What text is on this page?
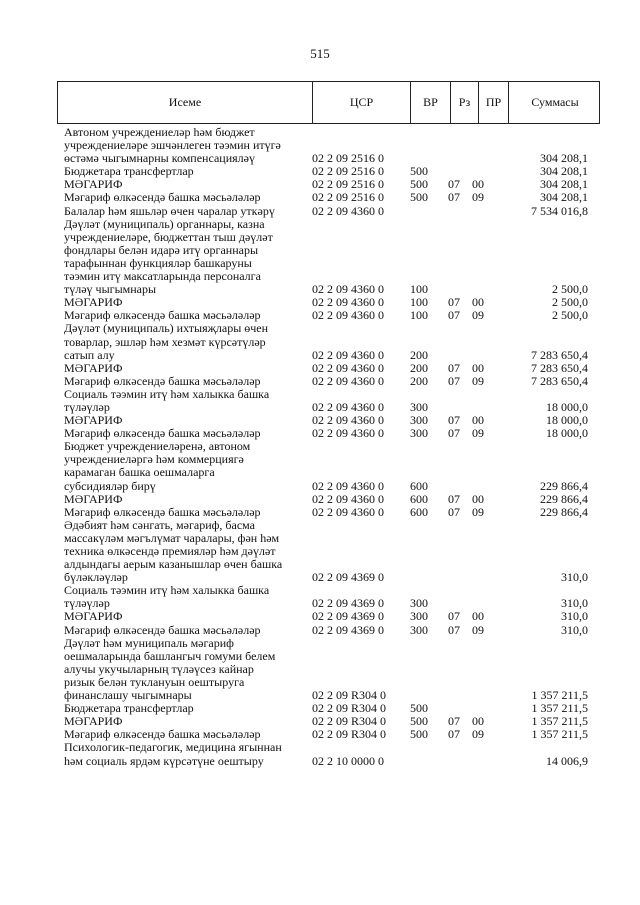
515
Исеме	ЦСР	ВР	Рз	ПР	Суммасы
Автоном учреждениеләр һәм бюджет
учреждениеләре эшчәнлеген тәэмин итүгә
өстәмә чыгымнарны компенсацияләү	02 2 09 2516 0	304 208,1
Бюджетара трансфертлар	02 2 09 2516 0 500	304 208,1
МӘГАРИФ	02 2 09 2516 0 500 07 00	304 208,1
Мәгариф өлкәсендә башка мәсьәләләр	02 2 09 2516 0 500 07 09	304 208,1
Балалар һәм яшьләр өчен чаралар уткәрү	02 2 09 4360 0	7 534 016,8
Дәүләт (муниципаль) органнары, казна
учреждениеләре, бюджеттан тыш дәүләт
фондлары белән идарә итү органнары
тарафыннан функцияләр башкаруны
тәэмин итү максатларында персоналга
түләү чыгымнары	02 2 09 4360 0 100	2 500,0
МӘГАРИФ	02 2 09 4360 0 100 07 00	2 500,0
Мәгариф өлкәсендә башка мәсьәләләр	02 2 09 4360 0 100 07 09	2 500,0
Дәүләт (муниципаль) ихтыяҗлары өчен
товарлар, эшләр һәм хезмәт күрсәтүләр
сатып алу	02 2 09 4360 0 200	7 283 650,4
МӘГАРИФ	02 2 09 4360 0 200 07 00	7 283 650,4
Мәгариф өлкәсендә башка мәсьәләләр	02 2 09 4360 0 200 07 09	7 283 650,4
Социаль тәэмин итү һәм халыкка башка
түләүләр	02 2 09 4360 0 300	18 000,0
МӘГАРИФ	02 2 09 4360 0 300 07 00	18 000,0
Мәгариф өлкәсендә башка мәсьәләләр	02 2 09 4360 0 300 07 09	18 000,0
Бюджет учреждениеләренә, автоном
учреждениеләргә һәм коммерциягә
карамаган башка оешмаларга
субсидияләр бирү	02 2 09 4360 0 600	229 866,4
МӘГАРИФ	02 2 09 4360 0 600 07 00	229 866,4
Мәгариф өлкәсендә башка мәсьәләләр	02 2 09 4360 0 600 07 09	229 866,4
Әдәбият һәм сәнгать, мәгариф, басма
массакүләм мәгълүмат чаралары, фән һәм
техника өлкәсендә премияләр һәм дәүләт
алдындагы аерым казанышлар өчен башка
бүләкләүләр	02 2 09 4369 0	310,0
Социаль тәэмин итү һәм халыкка башка
түләүләр	02 2 09 4369 0 300	310,0
МӘГАРИФ	02 2 09 4369 0 300 07 00	310,0
Мәгариф өлкәсендә башка мәсьәләләр	02 2 09 4369 0 300 07 09	310,0
Дәүләт һәм муниципаль мәгариф
оешмаларында башлангыч гомуми белем
алучы укучыларның түләүсез кайнар
ризык белән туклануын оештыруга
финанслашу чыгымнары	02 2 09 R304 0	1 357 211,5
Бюджетара трансфертлар	02 2 09 R304 0 500	1 357 211,5
МӘГАРИФ	02 2 09 R304 0 500 07 00	1 357 211,5
Мәгариф өлкәсендә башка мәсьәләләр	02 2 09 R304 0 500 07 09	1 357 211,5
Психологик-педагогик, медицина ягыннан
һәм социаль ярдәм күрсәтүне оештыру	02 2 10 0000 0	14 006,9
